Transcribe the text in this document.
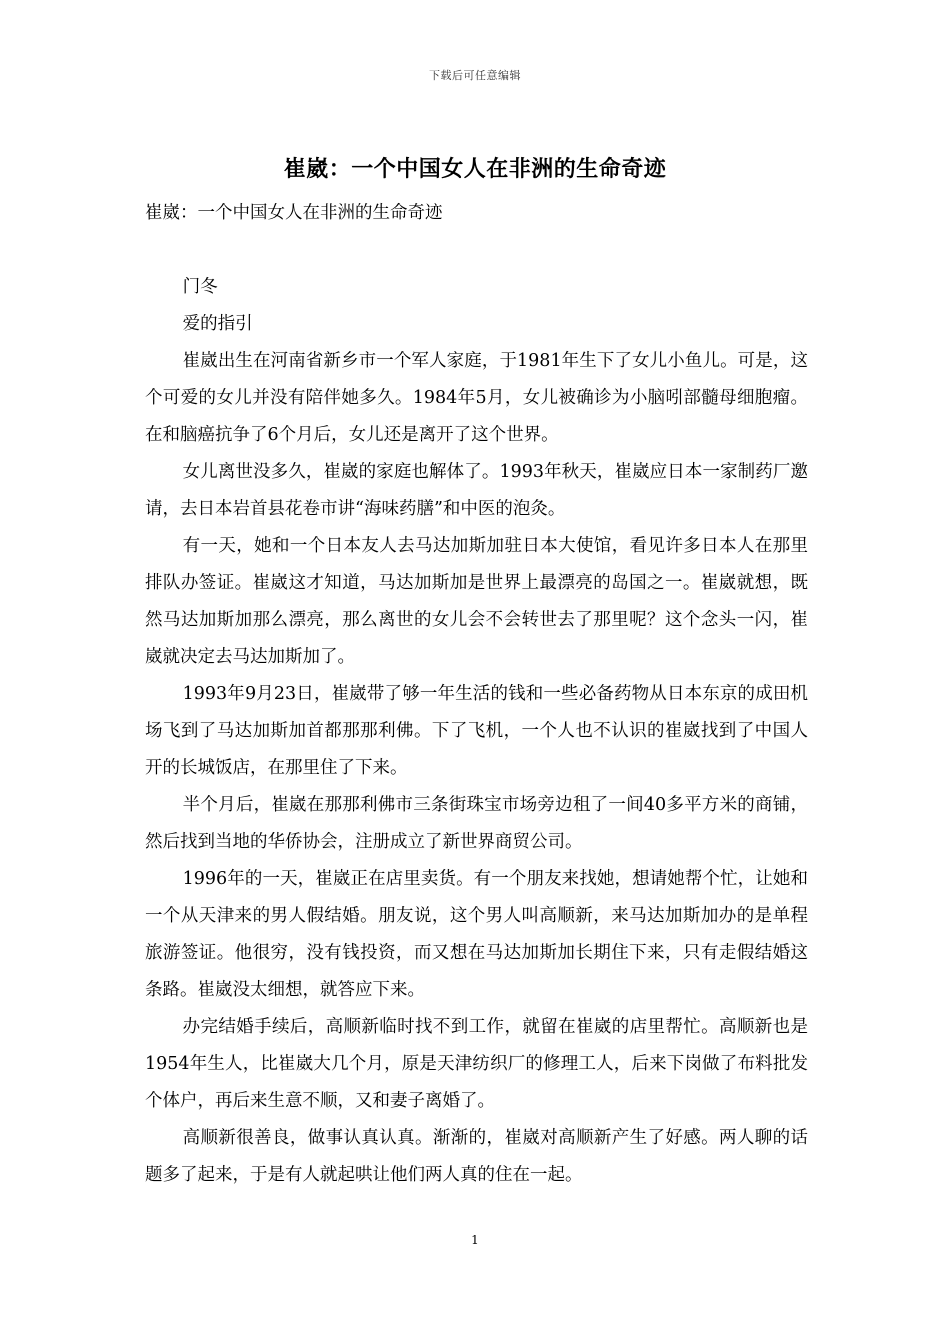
下载后可任意编辑
崔崴：一个中国女人在非洲的生命奇迹

崔崴：一个中国女人在非洲的生命奇迹

门冬

爱的指引

崔崴出生在河南省新乡市一个军人家庭，于1981年生下了女儿小鱼儿。可是，这个可爱的女儿并没有陪伴她多久。1984年5月，女儿被确诊为小脑吲部髓母细胞瘤。在和脑癌抗争了6个月后，女儿还是离开了这个世界。

女儿离世没多久，崔崴的家庭也解体了。1993年秋天，崔崴应日本一家制药厂邀请，去日本岩首县花卷市讲“海味药膳”和中医的泡灸。

有一天，她和一个日本友人去马达加斯加驻日本大使馆，看见许多日本人在那里排队办签证。崔崴这才知道，马达加斯加是世界上最漂亮的岛国之一。崔崴就想，既然马达加斯加那么漂亮，那么离世的女儿会不会转世去了那里呢？这个念头一闪，崔崴就决定去马达加斯加了。

1993年9月23日，崔崴带了够一年生活的钱和一些必备药物从日本东京的成田机场飞到了马达加斯加首都那那利佛。下了飞机，一个人也不认识的崔崴找到了中国人开的长城饭店，在那里住了下来。

半个月后，崔崴在那那利佛市三条街珠宝市场旁边租了一间40多平方米的商铺，然后找到当地的华侨协会，注册成立了新世界商贸公司。

1996年的一天，崔崴正在店里卖货。有一个朋友来找她，想请她帮个忙，让她和一个从天津来的男人假结婚。朋友说，这个男人叫高顺新，来马达加斯加办的是单程旅游签证。他很穷，没有钱投资，而又想在马达加斯加长期住下来，只有走假结婚这条路。崔崴没太细想，就答应下来。

办完结婚手续后，高顺新临时找不到工作，就留在崔崴的店里帮忙。高顺新也是1954年生人，比崔崴大几个月，原是天津纺织厂的修理工人，后来下岗做了布料批发个体户，再后来生意不顺，又和妻子离婚了。

高顺新很善良，做事认真认真。渐渐的，崔崴对高顺新产生了好感。两人聊的话题多了起来，于是有人就起哄让他们两人真的住在一起。

1
